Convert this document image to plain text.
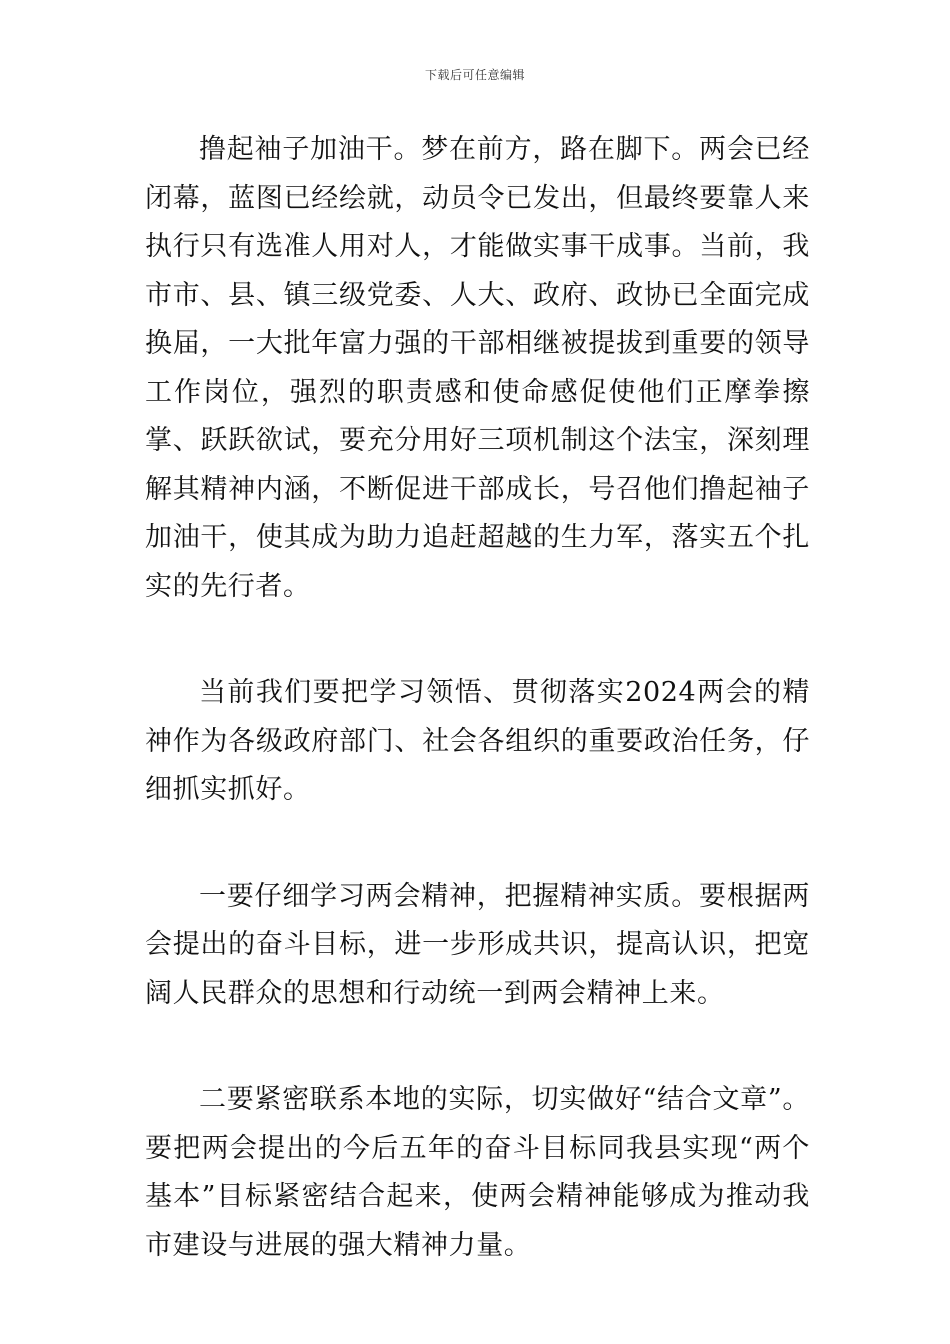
下载后可任意编辑

撸起袖子加油干。梦在前方，路在脚下。两会已经闭幕，蓝图已经绘就，动员令已发出，但最终要靠人来执行只有选准人用对人，才能做实事干成事。当前，我市市、县、镇三级党委、人大、政府、政协已全面完成换届，一大批年富力强的干部相继被提拔到重要的领导工作岗位，强烈的职责感和使命感促使他们正摩拳擦掌、跃跃欲试，要充分用好三项机制这个法宝，深刻理解其精神内涵，不断促进干部成长，号召他们撸起袖子加油干，使其成为助力追赶超越的生力军，落实五个扎实的先行者。

当前我们要把学习领悟、贯彻落实2024两会的精神作为各级政府部门、社会各组织的重要政治任务，仔细抓实抓好。

一要仔细学习两会精神，把握精神实质。要根据两会提出的奋斗目标，进一步形成共识，提高认识，把宽阔人民群众的思想和行动统一到两会精神上来。

二要紧密联系本地的实际，切实做好“结合文章”。要把两会提出的今后五年的奋斗目标同我县实现“两个基本”目标紧密结合起来，使两会精神能够成为推动我市建设与进展的强大精神力量。
